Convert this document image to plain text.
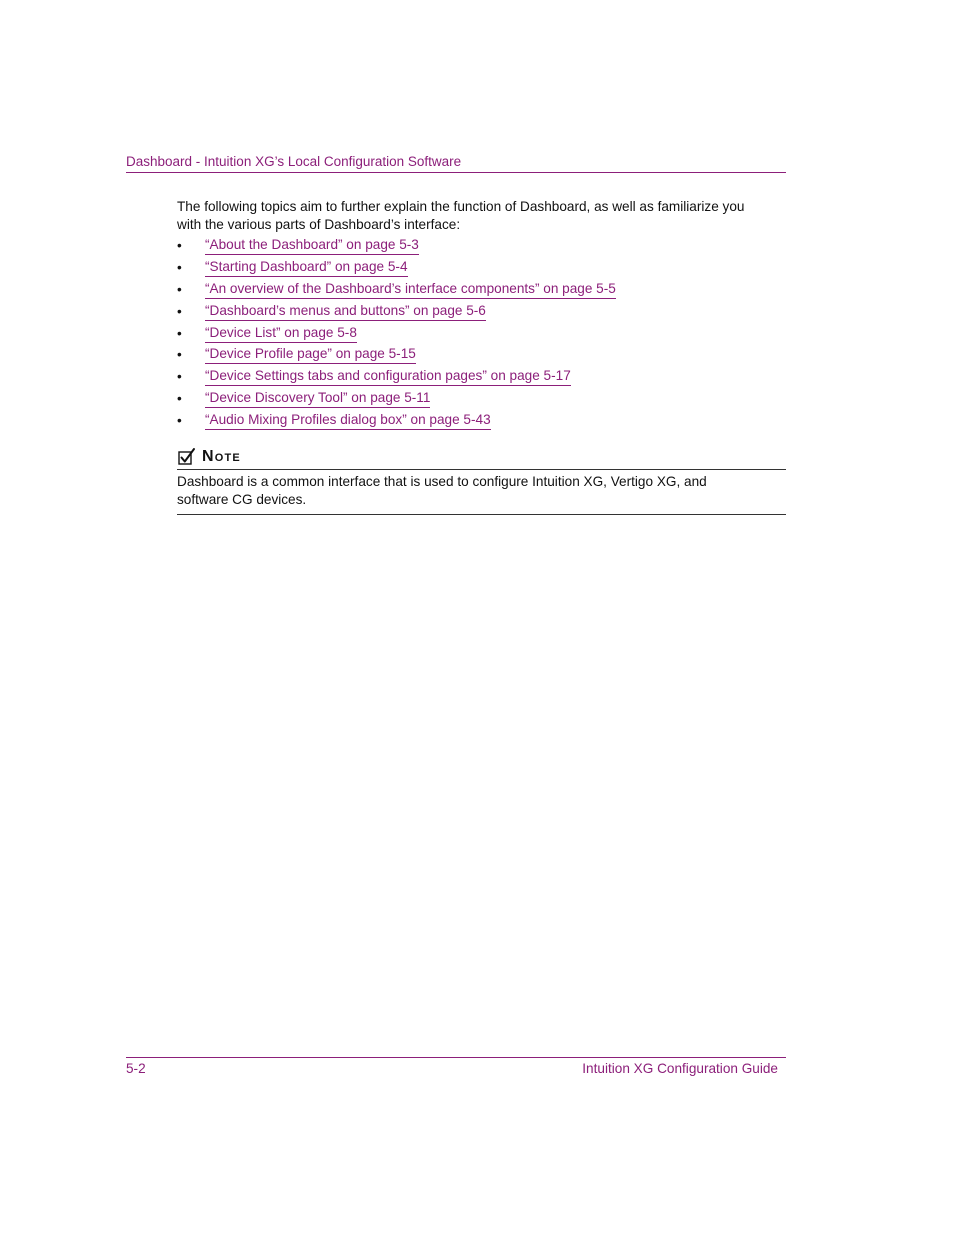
Dashboard - Intuition XG’s Local Configuration Software

The following topics aim to further explain the function of Dashboard, as well as familiarize you with the various parts of Dashboard’s interface:

• “About the Dashboard” on page 5-3
• “Starting Dashboard” on page 5-4
• “An overview of the Dashboard’s interface components” on page 5-5
• “Dashboard’s menus and buttons” on page 5-6
• “Device List” on page 5-8
• “Device Profile page” on page 5-15
• “Device Settings tabs and configuration pages” on page 5-17
• “Device Discovery Tool” on page 5-11
• “Audio Mixing Profiles dialog box” on page 5-43
Note

Dashboard is a common interface that is used to configure Intuition XG, Vertigo XG, and software CG devices.

5-2	Intuition XG Configuration Guide
